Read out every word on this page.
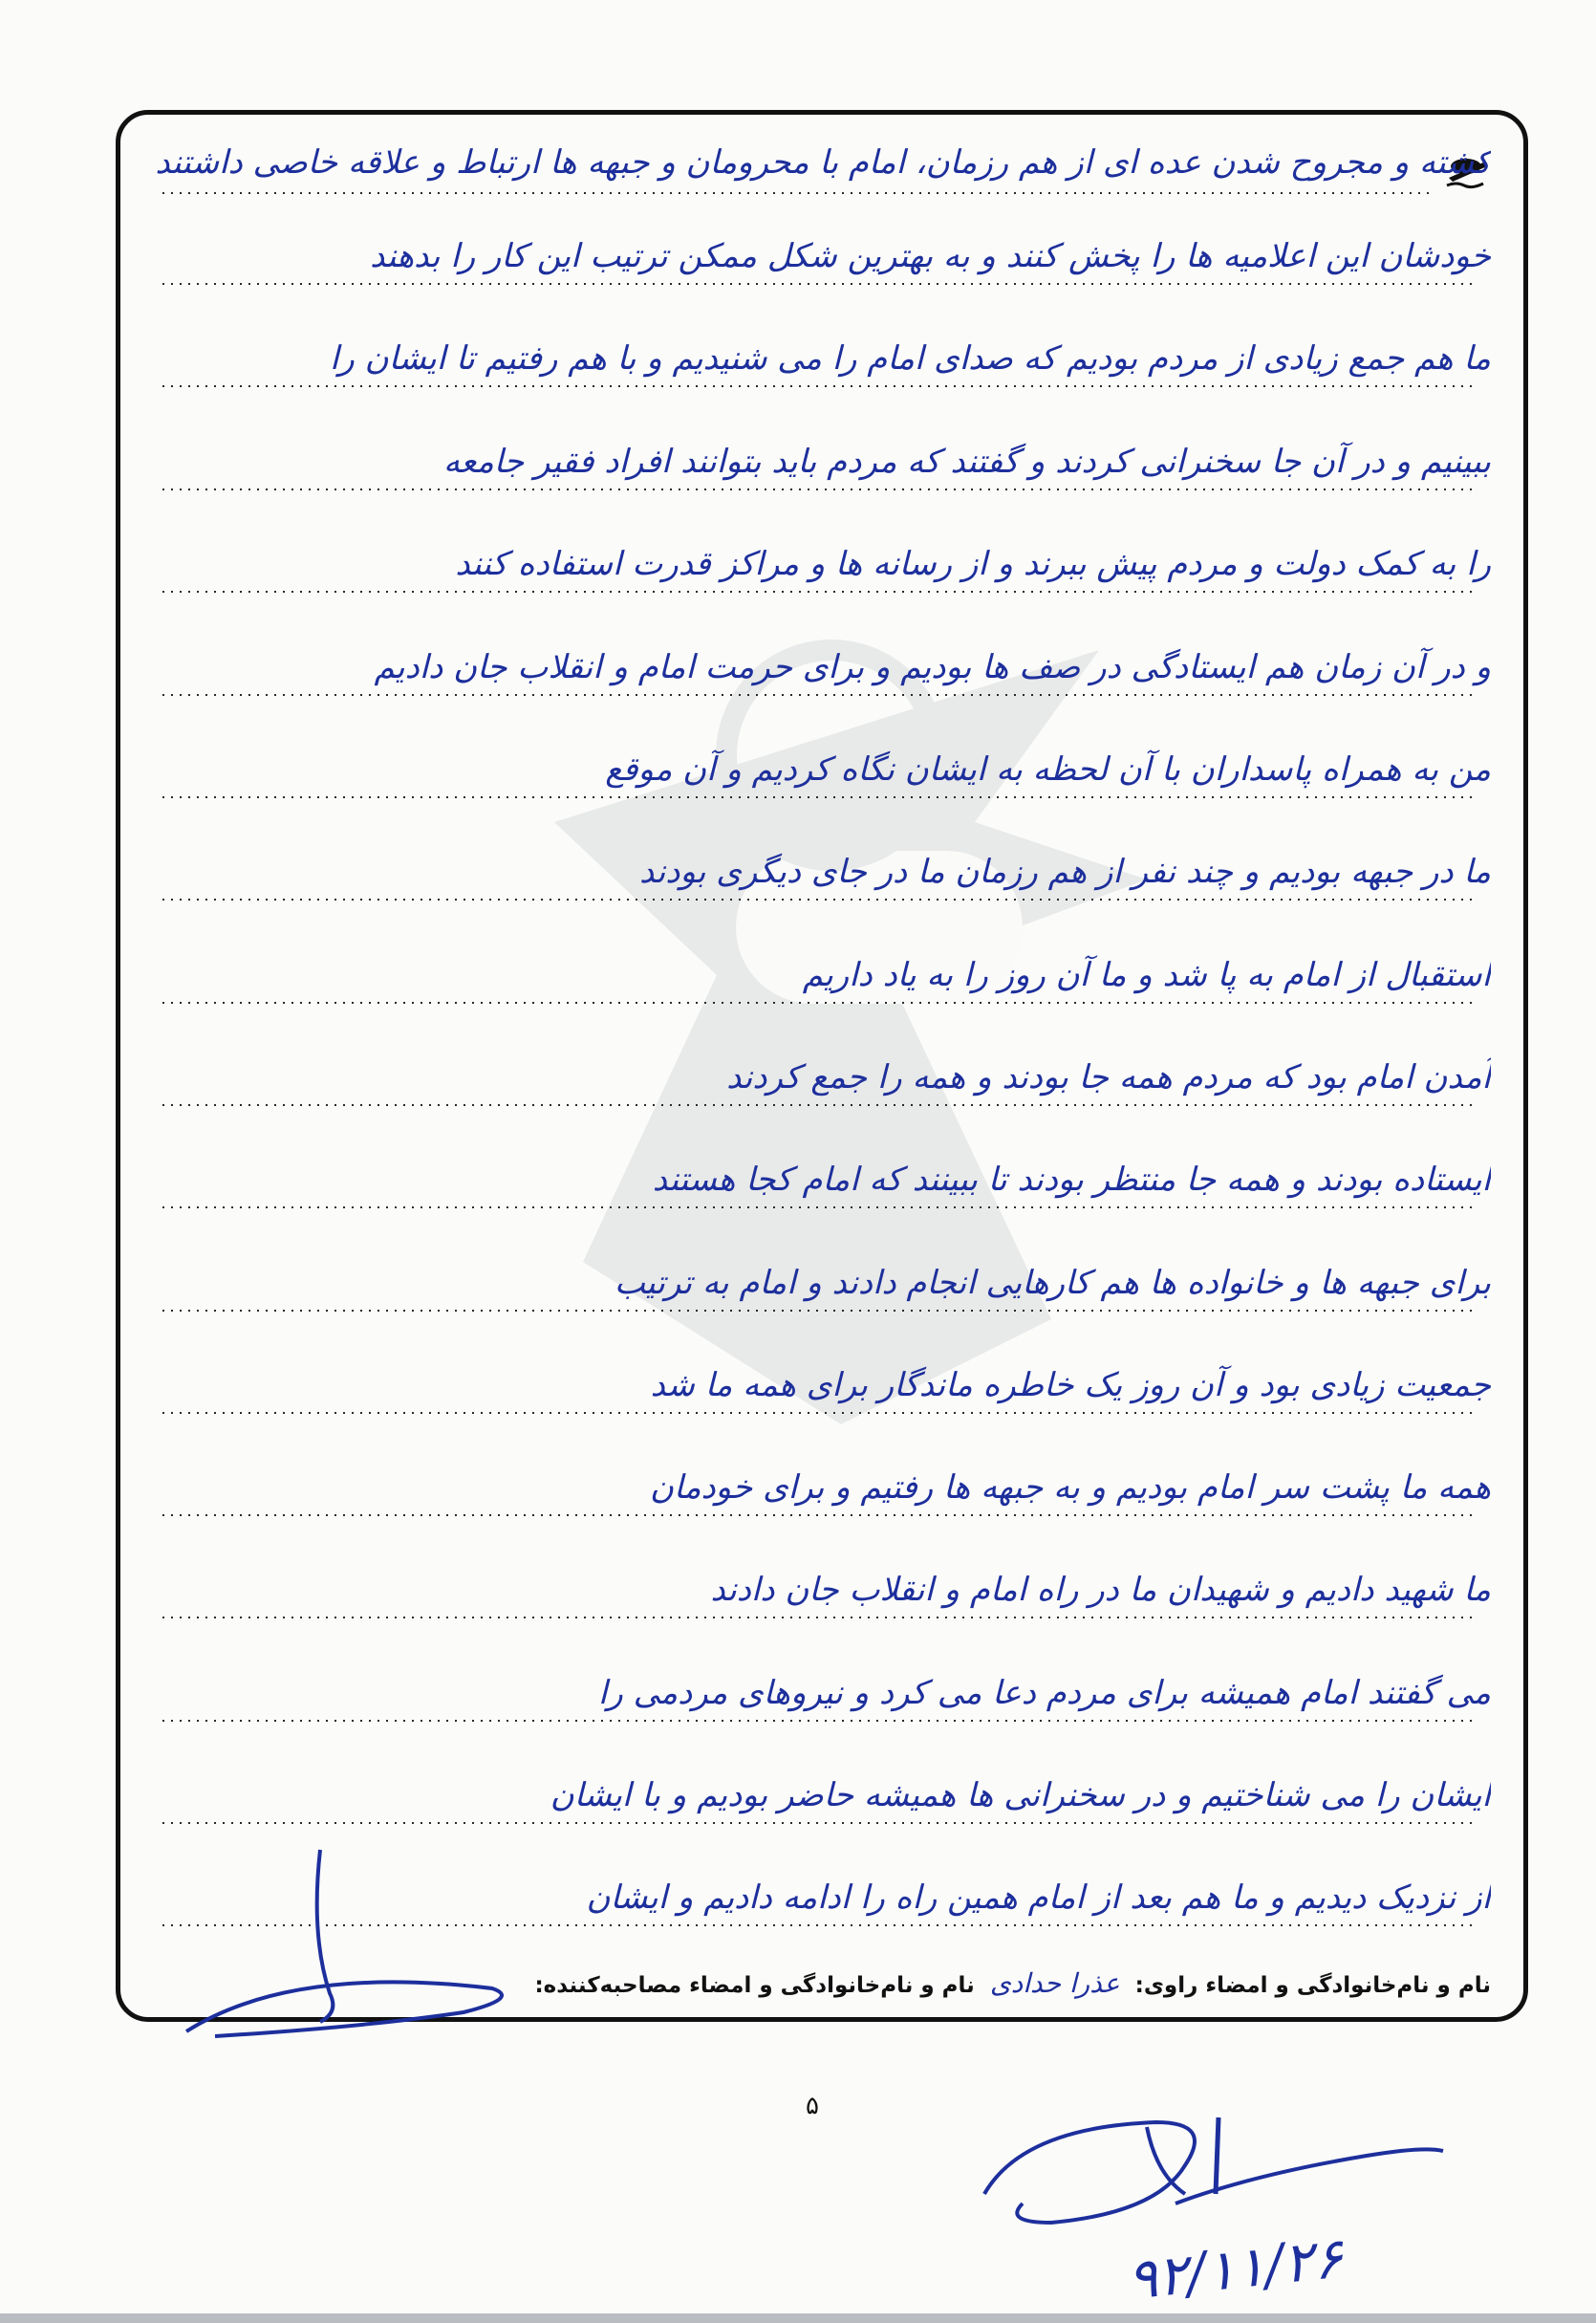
کشته و مجروح شدن عده ای از هم رزمان، امام با محرومان و جبهه ها ارتباط و علاقه خاصی داشتند
خودشان این اعلامیه ها را پخش کنند و به بهترین شکل ممکن ترتیب این کار را بدهند
ما هم جمع زیادی از مردم بودیم که صدای امام را می شنیدیم و با هم رفتیم تا ایشان را
ببینیم و در آن جا سخنرانی کردند و گفتند که مردم باید بتوانند افراد فقیر جامعه
را به کمک دولت و مردم پیش ببرند و از رسانه ها و مراکز قدرت استفاده کنند
و در آن زمان هم ایستادگی در صف ها بودیم و برای حرمت امام و انقلاب جان دادیم
من به همراه پاسداران با آن لحظه به ایشان نگاه کردیم و آن موقع
ما در جبهه بودیم و چند نفر از هم رزمان ما در جای دیگری بودند
استقبال از امام به پا شد و ما آن روز را به یاد داریم
آمدن امام بود که مردم همه جا بودند و همه را جمع کردند
ایستاده بودند و همه جا منتظر بودند تا ببینند که امام کجا هستند
برای جبهه ها و خانواده ها هم کارهایی انجام دادند و امام به ترتیب
جمعیت زیادی بود و آن روز یک خاطره ماندگار برای همه ما شد
همه ما پشت سر امام بودیم و به جبهه ها رفتیم و برای خودمان
ما شهید دادیم و شهیدان ما در راه امام و انقلاب جان دادند
می گفتند امام همیشه برای مردم دعا می کرد و نیروهای مردمی را
ایشان را می شناختیم و در سخنرانی ها همیشه حاضر بودیم و با ایشان
از نزدیک دیدیم و ما هم بعد از امام همین راه را ادامه دادیم و ایشان
نام و نام‌خانوادگی و امضاء راوی: عذرا حدادی نام و نام‌خانوادگی و امضاء مصاحبه‌کننده:
۵
۹۲/۱۱/۲۶
